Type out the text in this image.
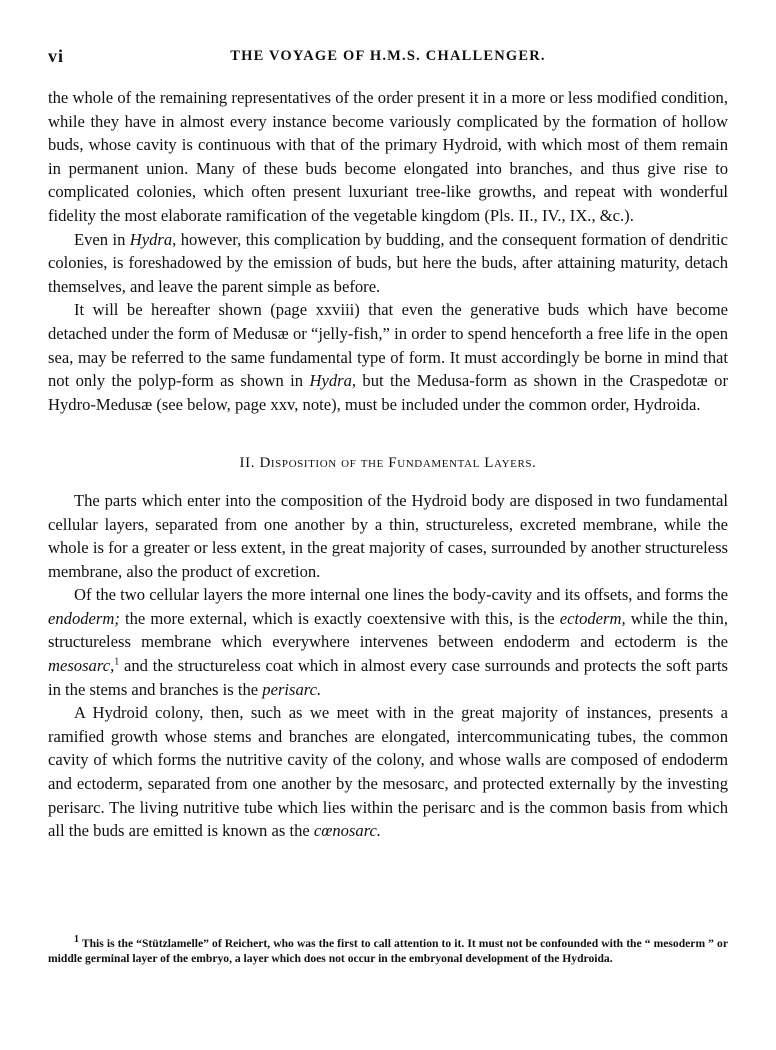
vi	THE VOYAGE OF H.M.S. CHALLENGER.

the whole of the remaining representatives of the order present it in a more or less modified condition, while they have in almost every instance become variously complicated by the formation of hollow buds, whose cavity is continuous with that of the primary Hydroid, with which most of them remain in permanent union. Many of these buds become elongated into branches, and thus give rise to complicated colonies, which often present luxuriant tree-like growths, and repeat with wonderful fidelity the most elaborate ramification of the vegetable kingdom (Pls. II., IV., IX., &c.).

Even in Hydra, however, this complication by budding, and the consequent formation of dendritic colonies, is foreshadowed by the emission of buds, but here the buds, after attaining maturity, detach themselves, and leave the parent simple as before.

It will be hereafter shown (page xxviii) that even the generative buds which have become detached under the form of Medusæ or “jelly-fish,” in order to spend henceforth a free life in the open sea, may be referred to the same fundamental type of form. It must accordingly be borne in mind that not only the polyp-form as shown in Hydra, but the Medusa-form as shown in the Craspedotæ or Hydro-Medusæ (see below, page xxv, note), must be included under the common order, Hydroida.

II. Disposition of the Fundamental Layers.

The parts which enter into the composition of the Hydroid body are disposed in two fundamental cellular layers, separated from one another by a thin, structureless, excreted membrane, while the whole is for a greater or less extent, in the great majority of cases, surrounded by another structureless membrane, also the product of excretion.

Of the two cellular layers the more internal one lines the body-cavity and its offsets, and forms the endoderm; the more external, which is exactly coextensive with this, is the ectoderm, while the thin, structureless membrane which everywhere intervenes between endoderm and ectoderm is the mesosarc,$^1$ and the structureless coat which in almost every case surrounds and protects the soft parts in the stems and branches is the perisarc.

A Hydroid colony, then, such as we meet with in the great majority of instances, presents a ramified growth whose stems and branches are elongated, intercommunicating tubes, the common cavity of which forms the nutritive cavity of the colony, and whose walls are composed of endoderm and ectoderm, separated from one another by the mesosarc, and protected externally by the investing perisarc. The living nutritive tube which lies within the perisarc and is the common basis from which all the buds are emitted is known as the cœnosarc.

1 This is the “Stützlamelle” of Reichert, who was the first to call attention to it. It must not be confounded with the “ mesoderm ” or middle germinal layer of the embryo, a layer which does not occur in the embryonal development of the Hydroida.
